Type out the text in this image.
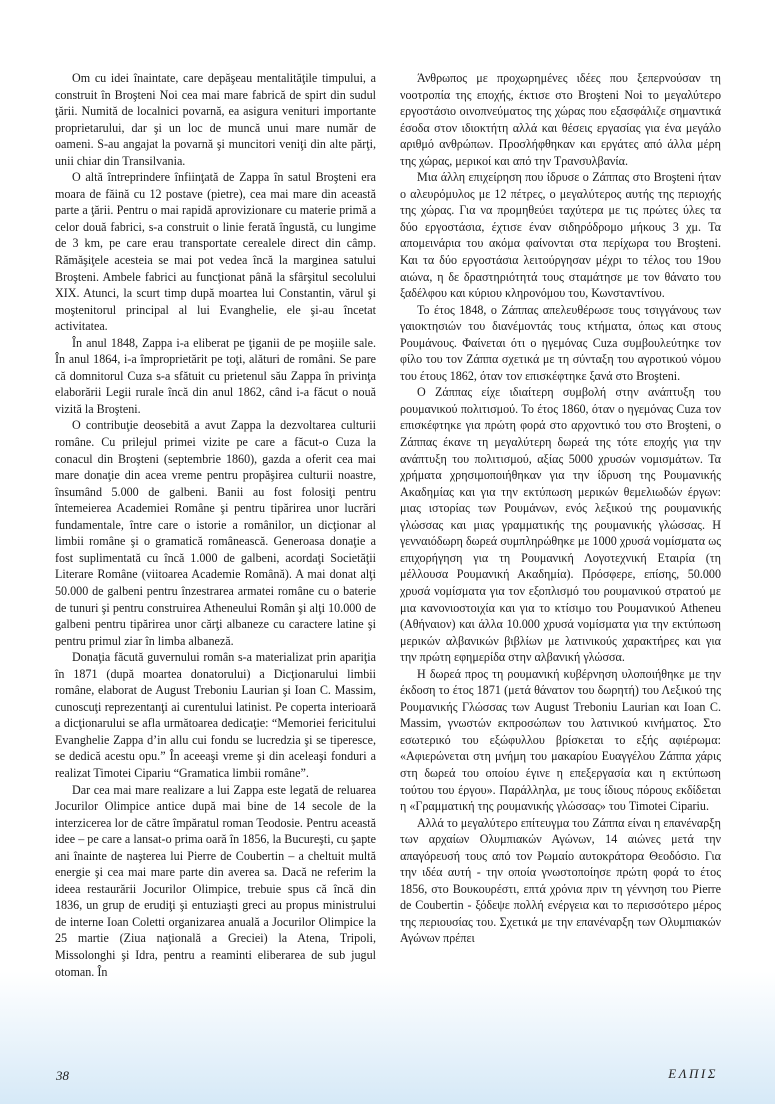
Om cu idei înaintate, care depăşeau mentalităţile timpului, a construit în Broşteni Noi cea mai mare fabrică de spirt din sudul ţării. Numită de localnici povarnă, ea asigura venituri importante proprietarului, dar şi un loc de muncă unui mare număr de oameni. S-au angajat la povarnă şi muncitori veniţi din alte părţi, unii chiar din Transilvania.

O altă întreprindere înfiinţată de Zappa în satul Broşteni era moara de făină cu 12 postave (pietre), cea mai mare din această parte a ţării. Pentru o mai rapidă aprovizionare cu materie primă a celor două fabrici, s-a construit o linie ferată îngustă, cu lungime de 3 km, pe care erau transportate cerealele direct din câmp. Rămăşiţele acesteia se mai pot vedea încă la marginea satului Broşteni. Ambele fabrici au funcţionat până la sfârşitul secolului XIX. Atunci, la scurt timp după moartea lui Constantin, vărul şi moştenitorul principal al lui Evanghelie, ele şi-au încetat activitatea.

În anul 1848, Zappa i-a eliberat pe ţiganii de pe moşiile sale. În anul 1864, i-a împroprietărit pe toţi, alături de români. Se pare că domnitorul Cuza s-a sfătuit cu prietenul său Zappa în privinţa elaborării Legii rurale încă din anul 1862, când i-a făcut o nouă vizită la Broşteni.

O contribuţie deosebită a avut Zappa la dezvoltarea culturii române. Cu prilejul primei vizite pe care a făcut-o Cuza la conacul din Broşteni (septembrie 1860), gazda a oferit cea mai mare donaţie din acea vreme pentru propăşirea culturii noastre, însumând 5.000 de galbeni. Banii au fost folosiţi pentru întemeierea Academiei Române şi pentru tipărirea unor lucrări fundamentale, între care o istorie a românilor, un dicţionar al limbii române şi o gramatică românească. Generoasa donaţie a fost suplimentată cu încă 1.000 de galbeni, acordaţi Societăţii Literare Române (viitoarea Academie Română). A mai donat alţi 50.000 de galbeni pentru înzestrarea armatei române cu o baterie de tunuri şi pentru construirea Atheneului Român şi alţi 10.000 de galbeni pentru tipărirea unor cărţi albaneze cu caractere latine şi pentru primul ziar în limba albaneză.

Donaţia făcută guvernului român s-a materializat prin apariţia în 1871 (după moartea donatorului) a Dicţionarului limbii române, elaborat de August Treboniu Laurian şi Ioan C. Massim, cunoscuţi reprezentanţi ai curentului latinist. Pe coperta interioară a dicţionarului se afla următoarea dedicaţie: “Memoriei fericitului Evanghelie Zappa d’in allu cui fondu se lucredzia şi se tiperesce, se dedică acestu opu.” În aceeaşi vreme şi din aceleaşi fonduri a realizat Timotei Cipariu “Gramatica limbii române”.

Dar cea mai mare realizare a lui Zappa este legată de reluarea Jocurilor Olimpice antice după mai bine de 14 secole de la interzicerea lor de către împăratul roman Teodosie. Pentru această idee – pe care a lansat-o prima oară în 1856, la Bucureşti, cu şapte ani înainte de naşterea lui Pierre de Coubertin – a cheltuit multă energie şi cea mai mare parte din averea sa. Dacă ne referim la ideea restaurării Jocurilor Olimpice, trebuie spus că încă din 1836, un grup de erudiţi şi entuziaşti greci au propus ministrului de interne Ioan Coletti organizarea anuală a Jocurilor Olimpice la 25 martie (Ziua naţională a Greciei) la Atena, Tripoli, Missolonghi şi Idra, pentru a reaminti eliberarea de sub jugul otoman. În

Άνθρωπος με προχωρημένες ιδέες που ξεπερνούσαν τη νοοτροπία της εποχής, έκτισε στο Broşteni Noi το μεγαλύτερο εργοστάσιο οινοπνεύματος της χώρας που εξασφάλιζε σημαντικά έσοδα στον ιδιοκτήτη αλλά και θέσεις εργασίας για ένα μεγάλο αριθμό ανθρώπων. Προσλήφθηκαν και εργάτες από άλλα μέρη της χώρας, μερικοί και από την Τρανσυλβανία.

Μια άλλη επιχείρηση που ίδρυσε ο Ζάππας στο Broşteni ήταν ο αλευρόμυλος με 12 πέτρες, ο μεγαλύτερος αυτής της περιοχής της χώρας. Για να προμηθεύει ταχύτερα με τις πρώτες ύλες τα δύο εργοστάσια, έχτισε έναν σιδηρόδρομο μήκους 3 χμ. Τα απομεινάρια του ακόμα φαίνονται στα περίχωρα του Broşteni. Και τα δύο εργοστάσια λειτούργησαν μέχρι το τέλος του 19ου αιώνα, η δε δραστηριότητά τους σταμάτησε με τον θάνατο του ξαδέλφου και κύριου κληρονόμου του, Κωνσταντίνου.

Το έτος 1848, ο Ζάππας απελευθέρωσε τους τσιγγάνους των γαιοκτησιών του διανέμοντάς τους κτήματα, όπως και στους Ρουμάνους. Φαίνεται ότι ο ηγεμόνας Cuza συμβουλεύτηκε τον φίλο του τον Ζάππα σχετικά με τη σύνταξη του αγροτικού νόμου του έτους 1862, όταν τον επισκέφτηκε ξανά στο Broşteni.

Ο Ζάππας είχε ιδιαίτερη συμβολή στην ανάπτυξη του ρουμανικού πολιτισμού. Το έτος 1860, όταν ο ηγεμόνας Cuza τον επισκέφτηκε για πρώτη φορά στο αρχοντικό του στο Broşteni, ο Ζάππας έκανε τη μεγαλύτερη δωρεά της τότε εποχής για την ανάπτυξη του πολιτισμού, αξίας 5000 χρυσών νομισμάτων. Τα χρήματα χρησιμοποιήθηκαν για την ίδρυση της Ρουμανικής Ακαδημίας και για την εκτύπωση μερικών θεμελιωδών έργων: μιας ιστορίας των Ρουμάνων, ενός λεξικού της ρουμανικής γλώσσας και μιας γραμματικής της ρουμανικής γλώσσας. Η γενναιόδωρη δωρεά συμπληρώθηκε με 1000 χρυσά νομίσματα ως επιχορήγηση για τη Ρουμανική Λογοτεχνική Εταιρία (τη μέλλουσα Ρουμανική Ακαδημία). Πρόσφερε, επίσης, 50.000 χρυσά νομίσματα για τον εξοπλισμό του ρουμανικού στρατού με μια κανονιοστοιχία και για το κτίσιμο του Ρουμανικού Atheneu (Αθήναιον) και άλλα 10.000 χρυσά νομίσματα για την εκτύπωση μερικών αλβανικών βιβλίων με λατινικούς χαρακτήρες και για την πρώτη εφημερίδα στην αλβανική γλώσσα.

Η δωρεά προς τη ρουμανική κυβέρνηση υλοποιήθηκε με την έκδοση το έτος 1871 (μετά θάνατον του δωρητή) του Λεξικού της Ρουμανικής Γλώσσας των August Treboniu Laurian και Ioan C. Massim, γνωστών εκπροσώπων του λατινικού κινήματος. Στο εσωτερικό του εξώφυλλου βρίσκεται το εξής αφιέρωμα: «Αφιερώνεται στη μνήμη του μακαρίου Ευαγγέλου Ζάππα χάρις στη δωρεά του οποίου έγινε η επεξεργασία και η εκτύπωση τούτου του έργου». Παράλληλα, με τους ίδιους πόρους εκδίδεται η «Γραμματική της ρουμανικής γλώσσας» του Timotei Cipariu.

Αλλά το μεγαλύτερο επίτευγμα του Ζάππα είναι η επανέναρξη των αρχαίων Ολυμπιακών Αγώνων, 14 αιώνες μετά την απαγόρευσή τους από τον Ρωμαίο αυτοκράτορα Θεοδόσιο. Για την ιδέα αυτή - την οποία γνωστοποίησε πρώτη φορά το έτος 1856, στο Βουκουρέστι, επτά χρόνια πριν τη γέννηση του Pierre de Coubertin - ξόδεψε πολλή ενέργεια και το περισσότερο μέρος της περιουσίας του. Σχετικά με την επανέναρξη των Ολυμπιακών Αγώνων πρέπει

38	ΕΛΠΙΣ
